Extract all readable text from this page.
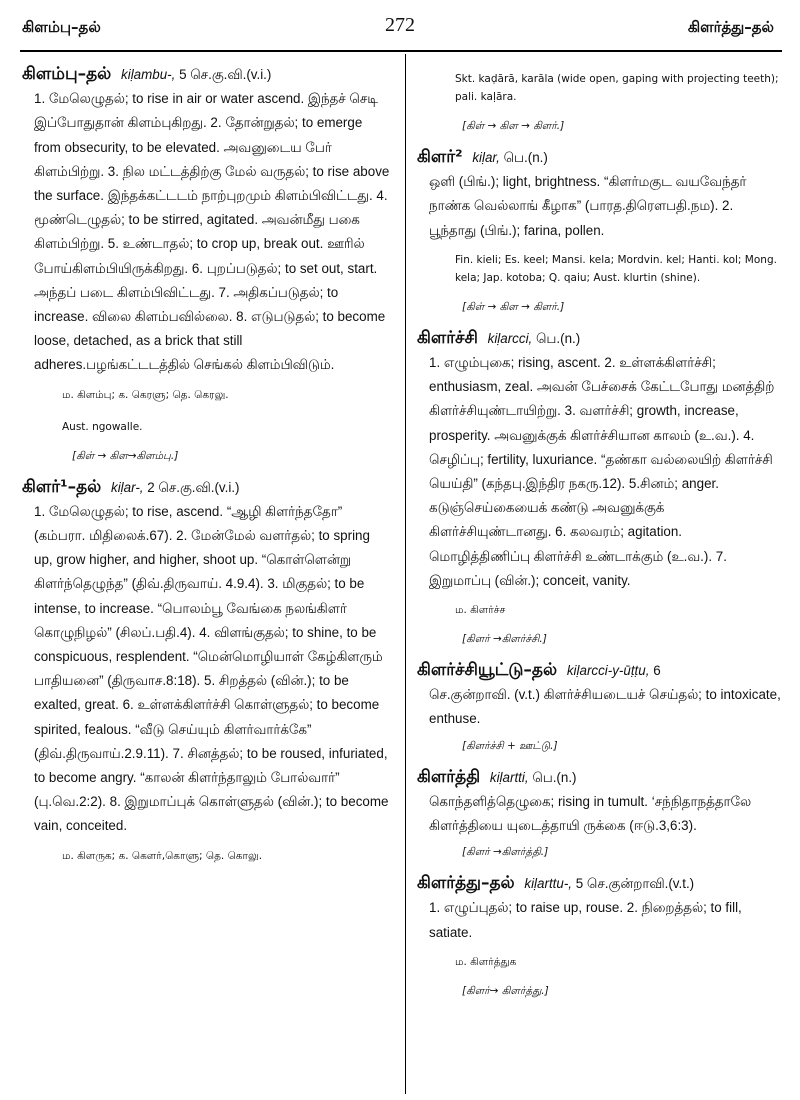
கிளம்பு–தல்	272	கிளர்த்து–தல்
கிளம்பு–தல் kiḷambu-, 5 செ.கு.வி.(v.i.)
1. மேலெழுதல்; to rise in air or water ascend. இந்தச் செடி இப்போதுதான் கிளம்புகிறது. 2. தோன்றுதல்; to emerge from obsecurity, to be elevated. அவனுடைய பேர் கிளம்பிற்று. 3. நில மட்டத்திற்கு மேல் வருதல்; to rise above the surface. இந்தக்கட்டடம் நாற்புறமும் கிளம்பிவிட்டது. 4. மூண்டெழுதல்; to be stirred, agitated. அவன்மீது பகை கிளம்பிற்று. 5. உண்டாதல்; to crop up, break out. ஊரில் போய்கிளம்பியிருக்கிறது. 6. புறப்படுதல்; to set out, start. அந்தப் படை கிளம்பிவிட்டது. 7. அதிகப்படுதல்; to increase. விலை கிளம்பவில்லை. 8. எடுபடுதல்; to become loose, detached, as a brick that still adheres.பழங்கட்டடத்தில் செங்கல் கிளம்பிவிடும்.
ம. கிளம்பு; க. கெரளு; தெ. கெரலு.
Aust. ngowalle.
[கிள் → கிள→கிளம்பு.]
கிளர்¹–தல் kiḷar-, 2 செ.கு.வி.(v.i.)
1. மேலெழுதல்; to rise, ascend. “ஆழி கிளர்ந்ததோ” (கம்பரா. மிதிலைக்.67). 2. மேன்மேல் வளர்தல்; to spring up, grow higher, and higher, shoot up. “கொள்ளென்று கிளர்ந்தெழுந்த” (திவ்.திருவாய். 4.9.4). 3. மிகுதல்; to be intense, to increase. “பொலம்பூ வேங்கை நலங்கிளர் கொழுநிழல்” (சிலப்.பதி.4). 4. விளங்குதல்; to shine, to be conspicuous, resplendent. “மென்மொழியாள் கேழ்கிளரும் பாதியனை” (திருவாச.8:18). 5. சிறத்தல் (வின்.); to be exalted, great. 6. உள்ளக்கிளர்ச்சி கொள்ளுதல்; to become spirited, fealous. “வீடு செய்யும் கிளர்வார்க்கே” (திவ்.திருவாய்.2.9.11). 7. சினத்தல்; to be roused, infuriated, to become angry. “காலன் கிளர்ந்தாலும் போல்வார்” (பு.வெ.2:2). 8. இறுமாப்புக் கொள்ளுதல் (வின்.); to become vain, conceited.
ம. கிளருக; க. கெளர்,கொளு; தெ. கொலு.
Skt. kaḍārā, karāla (wide open, gaping with projecting teeth); pali. kaḷāra.
[கிள் → கிள → கிளர்.]
கிளர்² kiḷar, பெ.(n.)
ஒளி (பிங்.); light, brightness. “கிளர்மகுட வயவேந்தர் நாண்க வெல்லாங் கீழாக” (பாரத.திரௌபதி.நம). 2. பூந்தாது (பிங்.); farina, pollen.
Fin. kieli; Es. keel; Mansi. kela; Mordvin. kel; Hanti. kol; Mong. kela; Jap. kotoba; Q. qaiu; Aust. klurtin (shine).
[கிள் → கிள → கிளர்.]
கிளர்ச்சி kiḷarcci, பெ.(n.)
1. எழும்புகை; rising, ascent. 2. உள்ளக்கிளர்ச்சி; enthusiasm, zeal. அவன் பேச்சைக் கேட்டபோது மனத்திற் கிளர்ச்சியுண்டாயிற்று. 3. வளர்ச்சி; growth, increase, prosperity. அவனுக்குக் கிளர்ச்சியான காலம் (உ.வ.). 4. செழிப்பு; fertility, luxuriance. “தண்கா வல்லையிற் கிளர்ச்சி யெய்தி” (கந்தபு.இந்திர நகரு.12). 5.சினம்; anger. கடுஞ்செய்கையைக் கண்டு அவனுக்குக் கிளர்ச்சியுண்டானது. 6. கலவரம்; agitation. மொழித்திணிப்பு கிளர்ச்சி உண்டாக்கும் (உ.வ.). 7. இறுமாப்பு (வின்.); conceit, vanity.
ம. கிளர்ச்ச
[கிளர் →கிளர்ச்சி.]
கிளர்ச்சியூட்டு–தல் kiḷarcci-y-ūṭṭu, 6
செ.குன்றாவி. (v.t.) கிளர்ச்சியடையச் செய்தல்; to intoxicate, enthuse.
[கிளர்ச்சி + ஊட்டு.]
கிளர்த்தி kiḷartti, பெ.(n.)
கொந்தளித்தெழுகை; rising in tumult. ‘சந்நிதாநத்தாலே கிளர்த்தியை யுடைத்தாயி ருக்கை (ஈடு.3,6:3).
[கிளர் →கிளர்த்தி.]
கிளர்த்து–தல் kiḷarttu-, 5 செ.குன்றாவி.(v.t.)
1. எழுப்புதல்; to raise up, rouse. 2. நிறைத்தல்; to fill, satiate.
ம. கிளர்த்துக
[கிளர்→ கிளர்த்து.]
